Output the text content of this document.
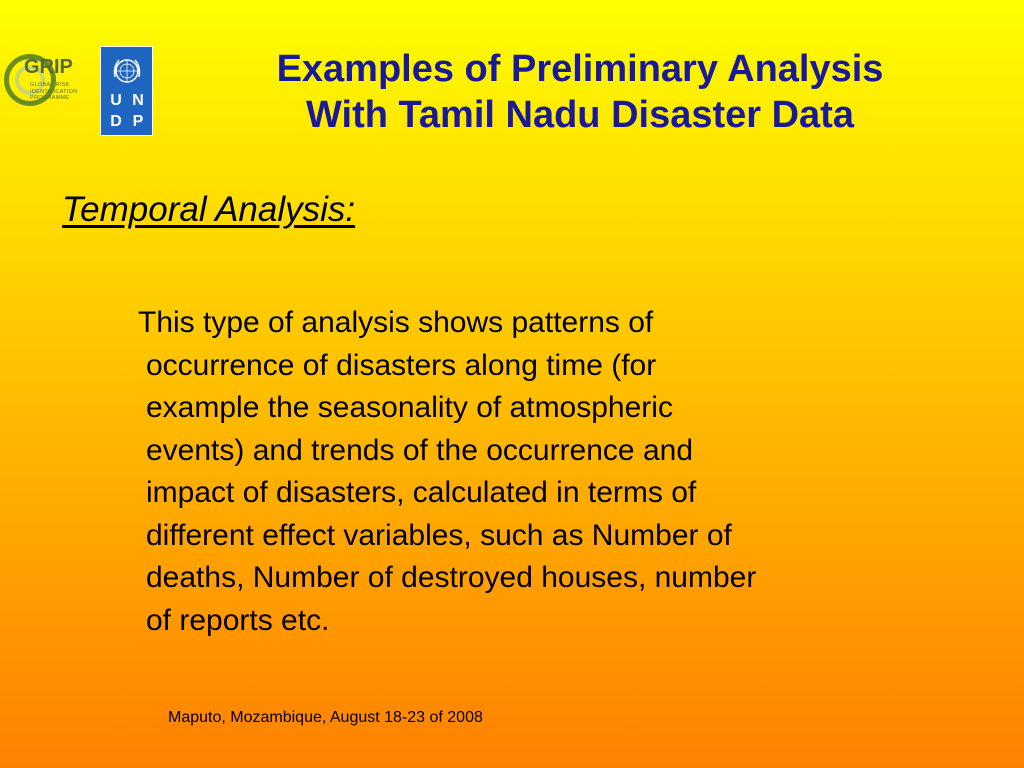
GRIP
GLOBAL RISK
IDENTIFICATION
PROGRAMME	U N
D P
Examples of Preliminary Analysis
With Tamil Nadu Disaster Data
Temporal Analysis:
This type of analysis shows patterns of
occurrence of disasters along time (for
example the seasonality of atmospheric
events) and trends of the occurrence and
impact of disasters, calculated in terms of
different effect variables, such as Number of
deaths, Number of destroyed houses, number
of reports etc.
Maputo, Mozambique, August 18-23 of 2008
